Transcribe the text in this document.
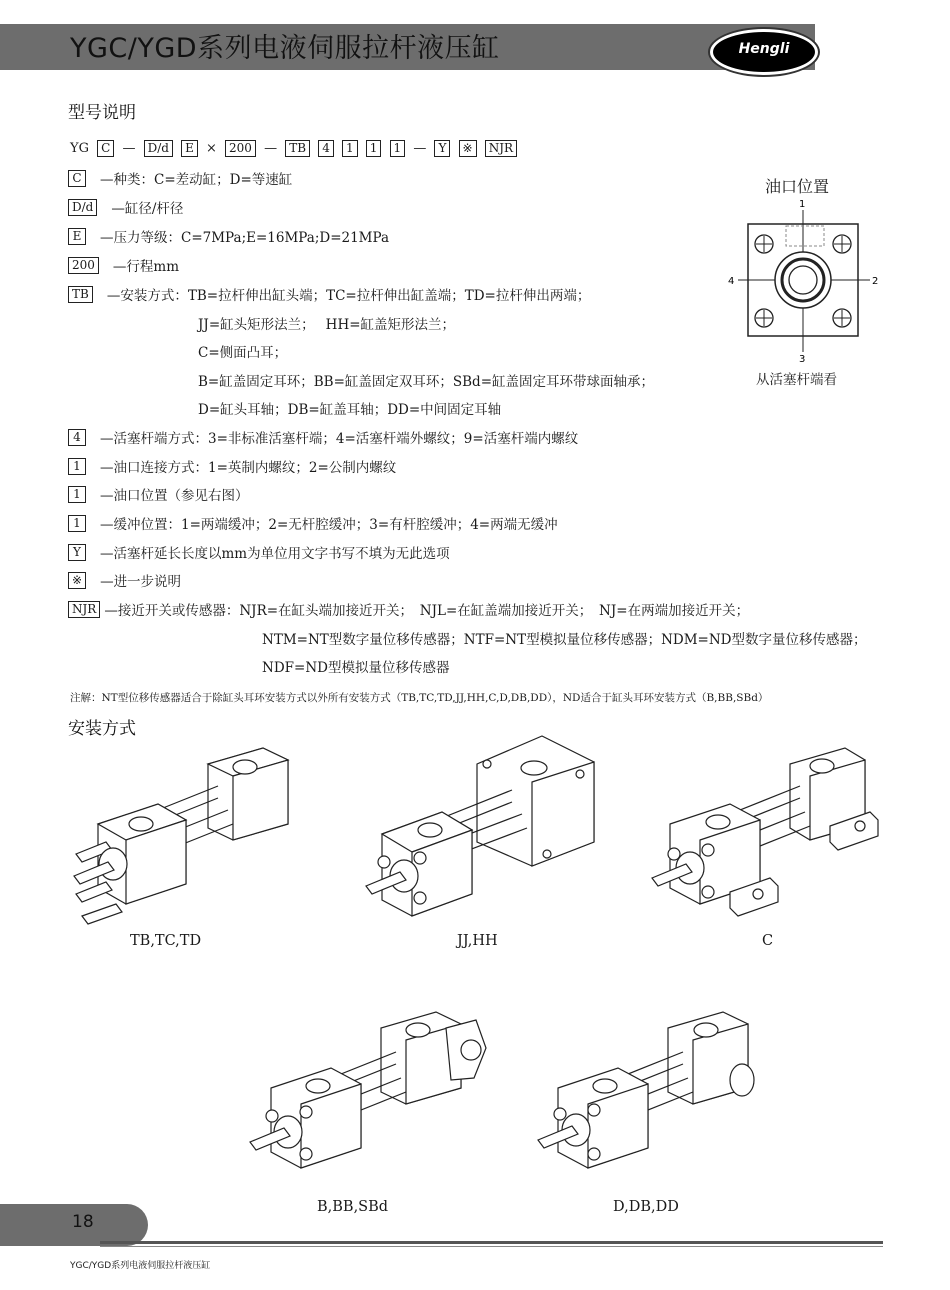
YGC/YGD系列电液伺服拉杆液压缸	Hengli
型号说明
YG C — D/d E × 200 — TB 4 1 1 1 — Y ※ NJR
C	—种类：C=差动缸；D=等速缸
D/d —缸径/杆径
E	—压力等级：C=7MPa;E=16MPa;D=21MPa
200 —行程mm
TB —安装方式：TB=拉杆伸出缸头端；TC=拉杆伸出缸盖端；TD=拉杆伸出两端；
JJ=缸头矩形法兰；　 HH=缸盖矩形法兰；
C=侧面凸耳；
B=缸盖固定耳环；BB=缸盖固定双耳环；SBd=缸盖固定耳环带球面轴承；
D=缸头耳轴；DB=缸盖耳轴；DD=中间固定耳轴
4	—活塞杆端方式：3=非标准活塞杆端；4=活塞杆端外螺纹；9=活塞杆端内螺纹
1	—油口连接方式：1=英制内螺纹；2=公制内螺纹
1	—油口位置（参见右图）
1	—缓冲位置：1=两端缓冲；2=无杆腔缓冲；3=有杆腔缓冲；4=两端无缓冲
Y	—活塞杆延长长度以mm为单位用文字书写不填为无此选项
※ —进一步说明
NJR —接近开关或传感器：NJR=在缸头端加接近开关；　NJL=在缸盖端加接近开关；　NJ=在两端加接近开关；
NTM=NT型数字量位移传感器；NTF=NT型模拟量位移传感器；NDM=ND型数字量位移传感器；
NDF=ND型模拟量位移传感器
注解：NT型位移传感器适合于除缸头耳环安装方式以外所有安装方式（TB,TC,TD,JJ,HH,C,D,DB,DD），ND适合于缸头耳环安装方式（B,BB,SBd）
油口位置
1
2
3
4
从活塞杆端看
安装方式
TB,TC,TD	JJ,HH	C
B,BB,SBd	D,DB,DD
18
YGC/YGD系列电液伺服拉杆液压缸
